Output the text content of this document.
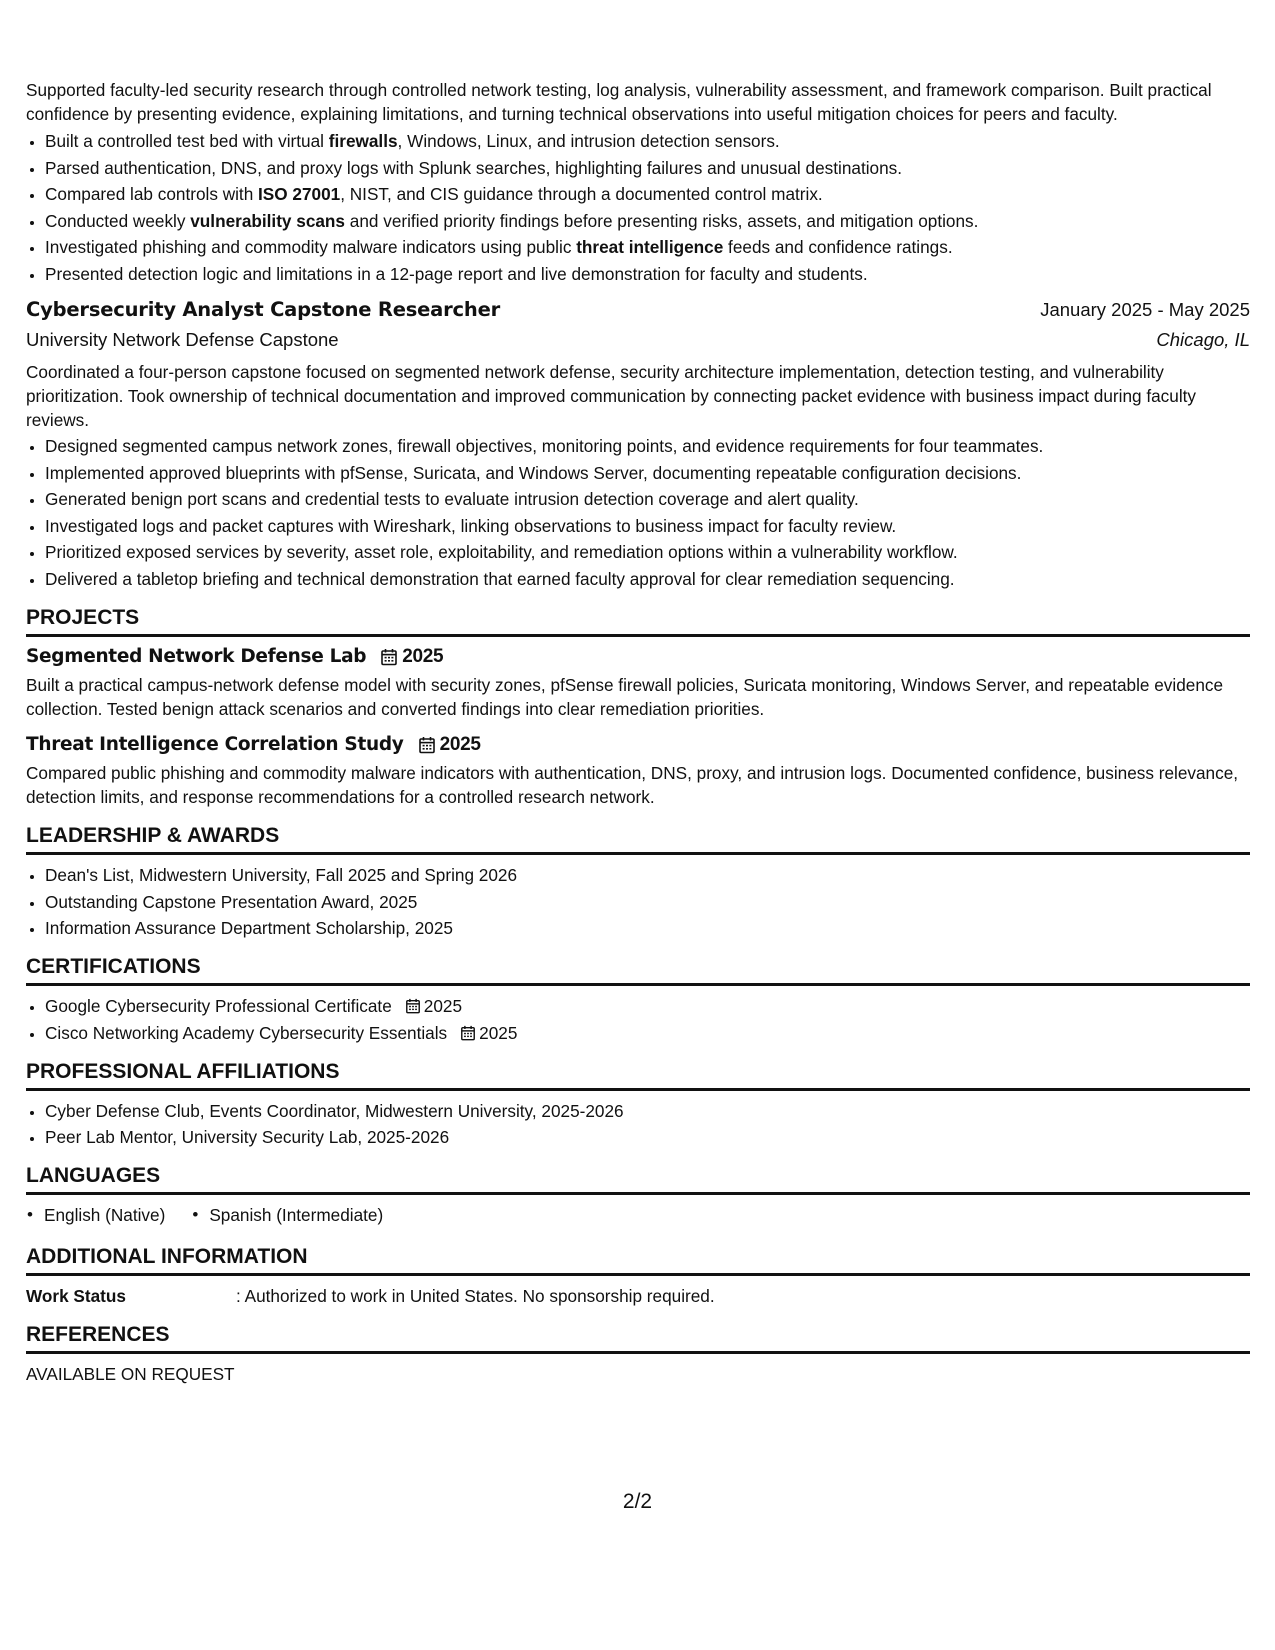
Supported faculty-led security research through controlled network testing, log analysis, vulnerability assessment, and framework comparison. Built practical confidence by presenting evidence, explaining limitations, and turning technical observations into useful mitigation choices for peers and faculty.

• Built a controlled test bed with virtual firewalls, Windows, Linux, and intrusion detection sensors.
• Parsed authentication, DNS, and proxy logs with Splunk searches, highlighting failures and unusual destinations.
• Compared lab controls with ISO 27001, NIST, and CIS guidance through a documented control matrix.
• Conducted weekly vulnerability scans and verified priority findings before presenting risks, assets, and mitigation options.
• Investigated phishing and commodity malware indicators using public threat intelligence feeds and confidence ratings.
• Presented detection logic and limitations in a 12-page report and live demonstration for faculty and students.
Cybersecurity Analyst Capstone Researcher	January 2025 - May 2025
University Network Defense Capstone	Chicago, IL

Coordinated a four-person capstone focused on segmented network defense, security architecture implementation, detection testing, and vulnerability prioritization. Took ownership of technical documentation and improved communication by connecting packet evidence with business impact during faculty reviews.

• Designed segmented campus network zones, firewall objectives, monitoring points, and evidence requirements for four teammates.
• Implemented approved blueprints with pfSense, Suricata, and Windows Server, documenting repeatable configuration decisions.
• Generated benign port scans and credential tests to evaluate intrusion detection coverage and alert quality.
• Investigated logs and packet captures with Wireshark, linking observations to business impact for faculty review.
• Prioritized exposed services by severity, asset role, exploitability, and remediation options within a vulnerability workflow.
• Delivered a tabletop briefing and technical demonstration that earned faculty approval for clear remediation sequencing.
PROJECTS
Segmented Network Defense Lab 2025

Built a practical campus-network defense model with security zones, pfSense firewall policies, Suricata monitoring, Windows Server, and repeatable evidence collection. Tested benign attack scenarios and converted findings into clear remediation priorities.

Threat Intelligence Correlation Study 2025

Compared public phishing and commodity malware indicators with authentication, DNS, proxy, and intrusion logs. Documented confidence, business relevance, detection limits, and response recommendations for a controlled research network.

LEADERSHIP & AWARDS
• Dean's List, Midwestern University, Fall 2025 and Spring 2026
• Outstanding Capstone Presentation Award, 2025
• Information Assurance Department Scholarship, 2025
CERTIFICATIONS
• Google Cybersecurity Professional Certificate 2025
• Cisco Networking Academy Cybersecurity Essentials 2025
PROFESSIONAL AFFILIATIONS
• Cyber Defense Club, Events Coordinator, Midwestern University, 2025-2026
• Peer Lab Mentor, University Security Lab, 2025-2026
LANGUAGES
• English (Native)
•	Spanish (Intermediate)
ADDITIONAL INFORMATION
Work Status	: Authorized to work in United States. No sponsorship required.
REFERENCES

AVAILABLE ON REQUEST

2/2
